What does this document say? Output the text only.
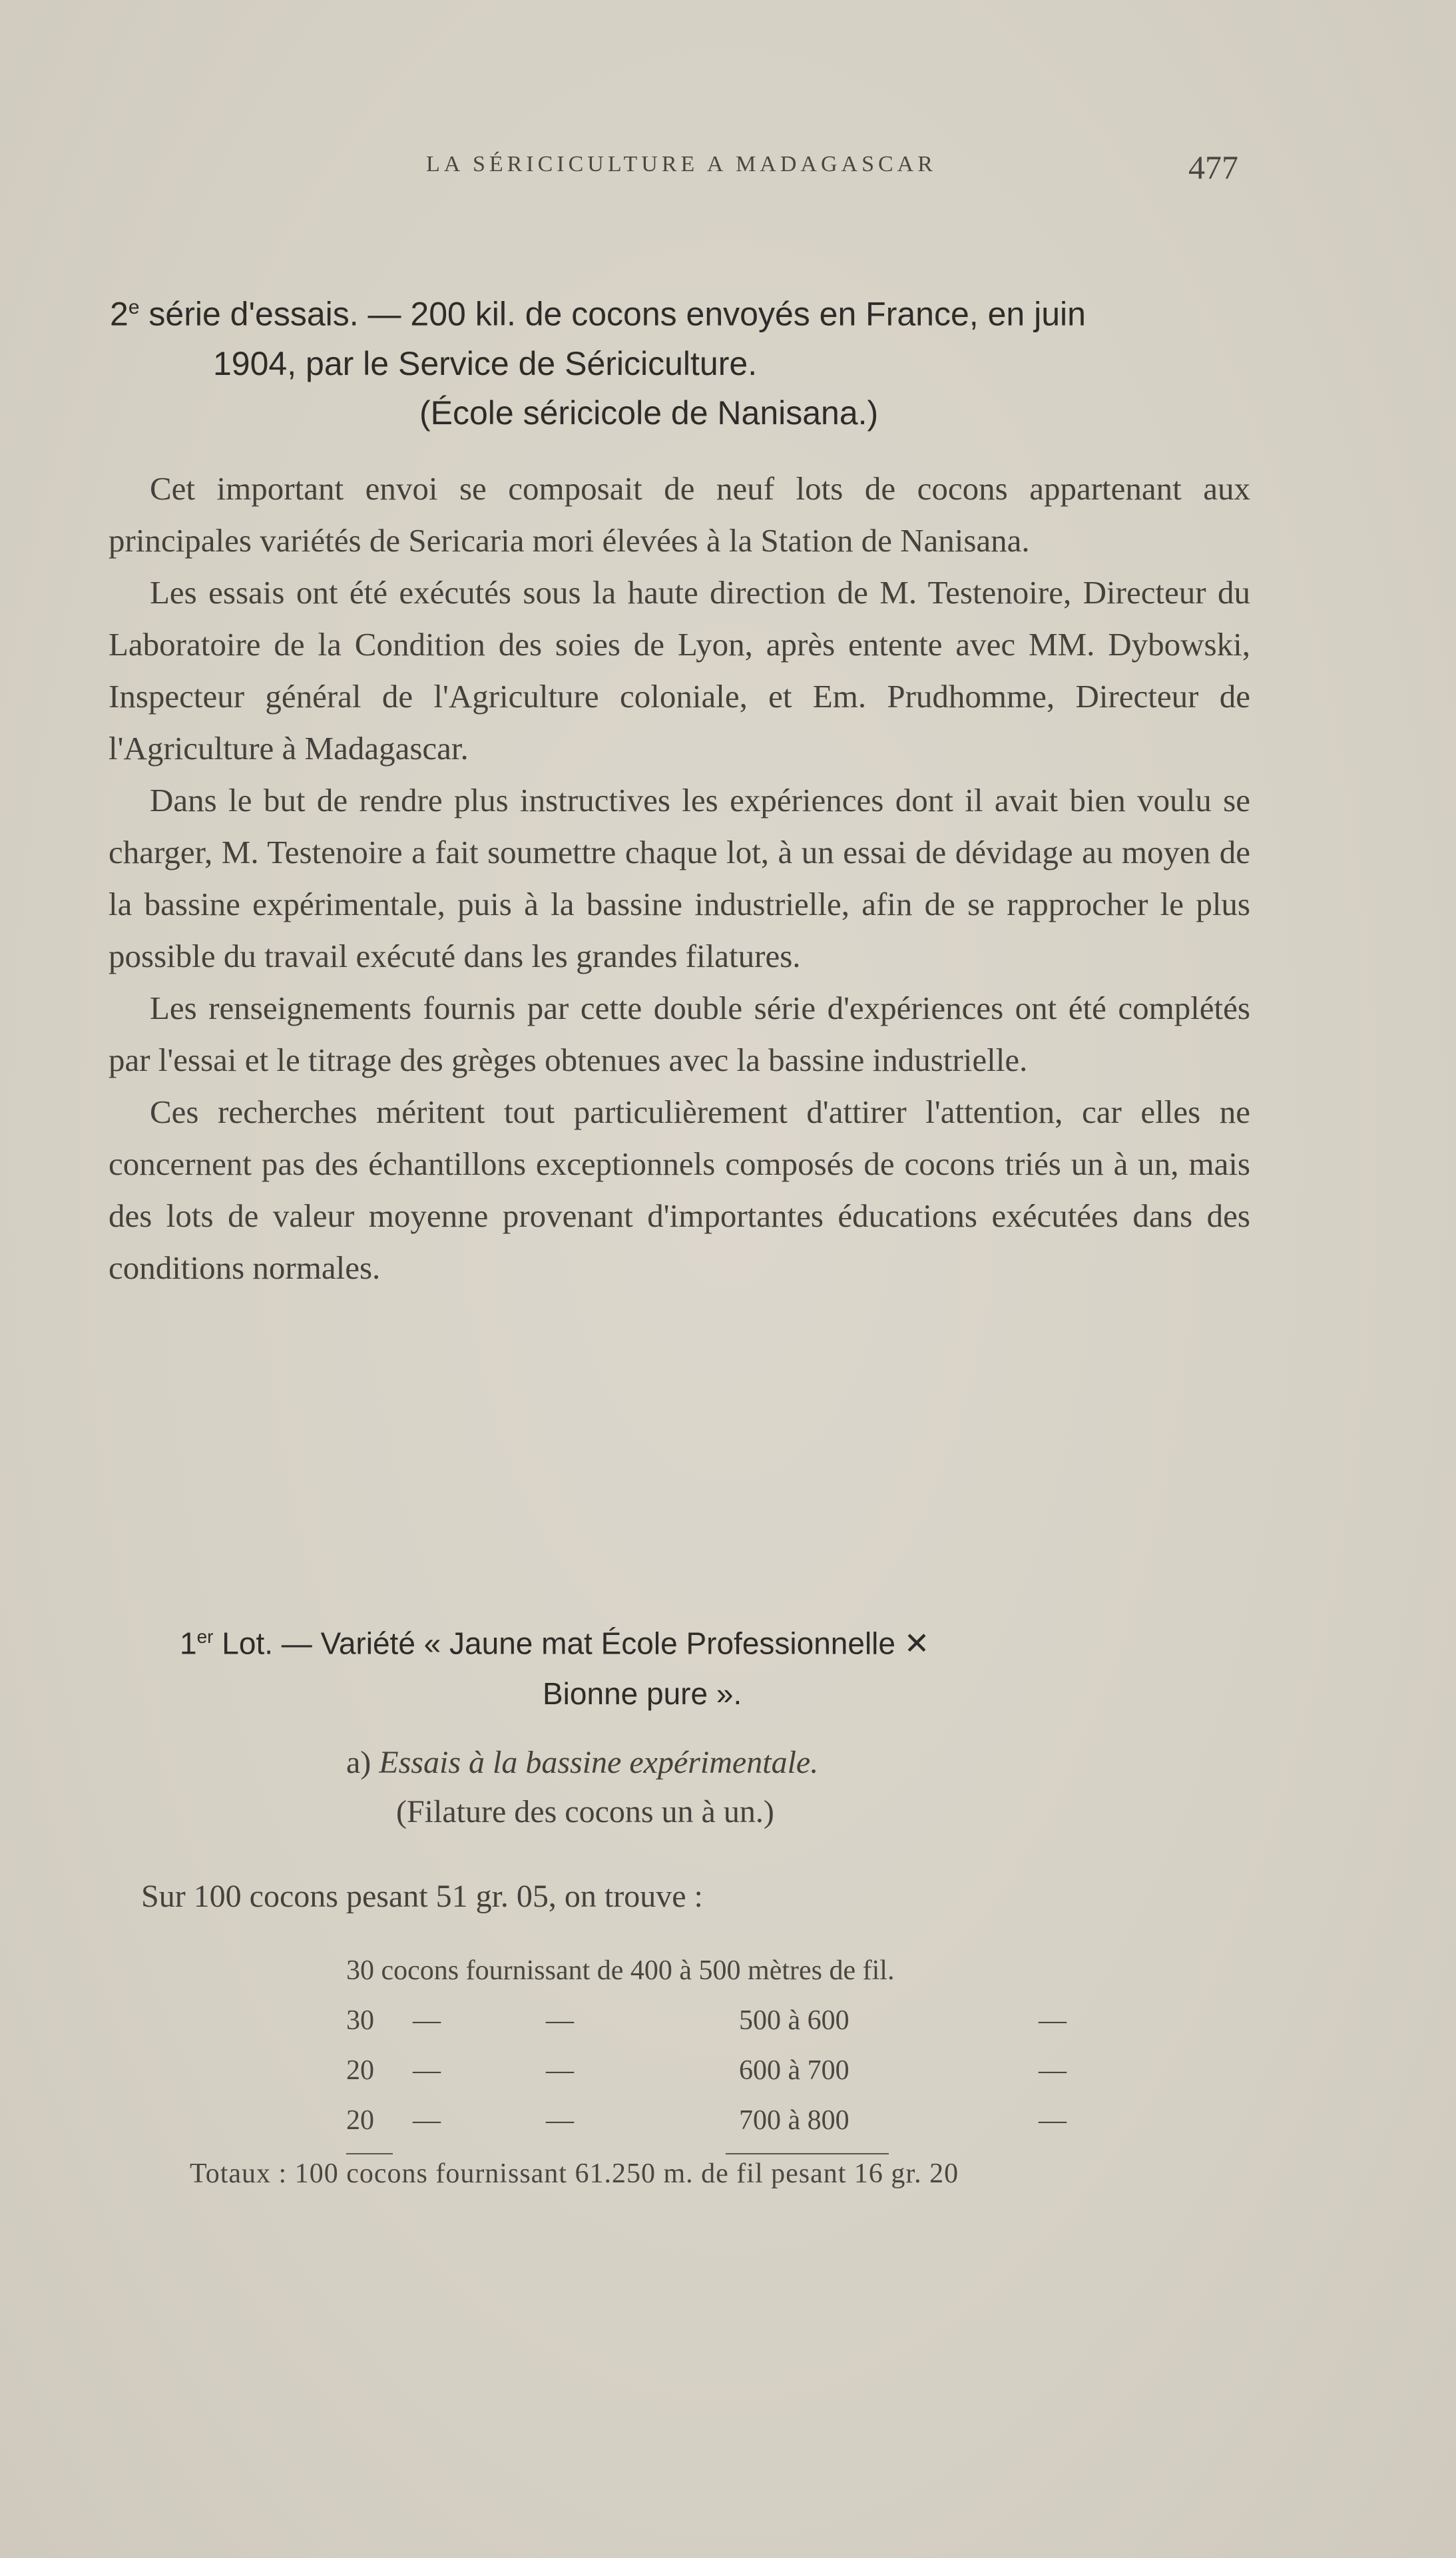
LA SÉRICICULTURE A MADAGASCAR	477
2e série d'essais. — 200 kil. de cocons envoyés en France, en juin
1904, par le Service de Sériciculture.
(École séricicole de Nanisana.)

Cet important envoi se composait de neuf lots de cocons appartenant aux principales variétés de Sericaria mori élevées à la Station de Nanisana.

Les essais ont été exécutés sous la haute direction de M. Testenoire, Directeur du Laboratoire de la Condition des soies de Lyon, après entente avec MM. Dybowski, Inspecteur général de l'Agriculture coloniale, et Em. Prudhomme, Directeur de l'Agriculture à Madagascar.

Dans le but de rendre plus instructives les expériences dont il avait bien voulu se charger, M. Testenoire a fait soumettre chaque lot, à un essai de dévidage au moyen de la bassine expérimentale, puis à la bassine industrielle, afin de se rapprocher le plus possible du travail exécuté dans les grandes filatures.

Les renseignements fournis par cette double série d'expériences ont été complétés par l'essai et le titrage des grèges obtenues avec la bassine industrielle.

Ces recherches méritent tout particulièrement d'attirer l'attention, car elles ne concernent pas des échantillons exceptionnels composés de cocons triés un à un, mais des lots de valeur moyenne provenant d'importantes éducations exécutées dans des conditions normales.

1er Lot. — Variété « Jaune mat École Professionnelle ✕
Bionne pure ».
a) Essais à la bassine expérimentale.
(Filature des cocons un à un.)
Sur 100 cocons pesant 51 gr. 05, on trouve :
30 cocons fournissant de 400 à 500 mètres de fil.
30 —	—	500 à 600	—
20 —	—	600 à 700	—
20 —	—	700 à 800	—
Totaux : 100 cocons fournissant 61.250 m. de fil pesant 16 gr. 20
